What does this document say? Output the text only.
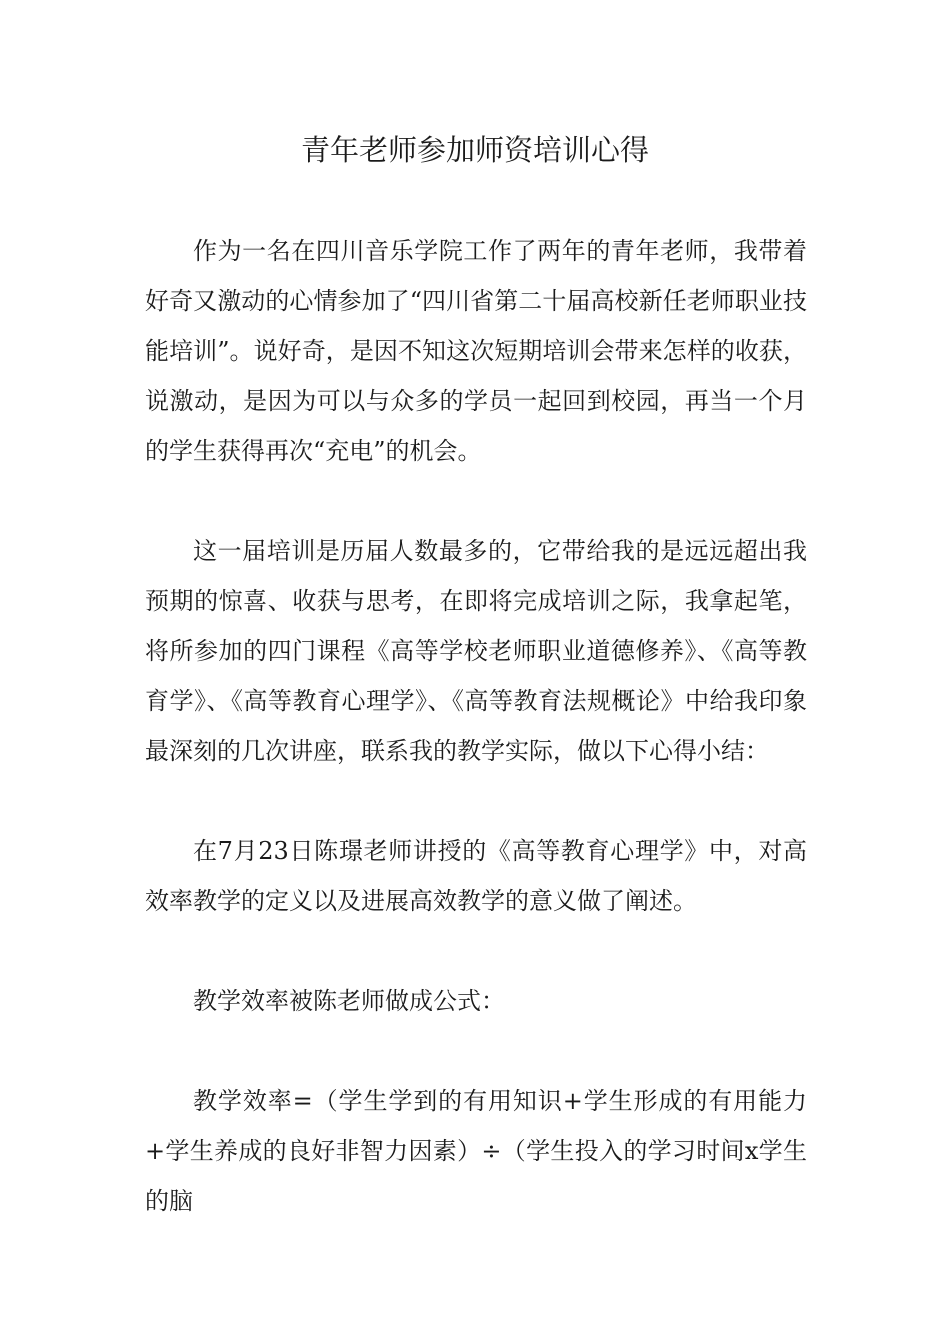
青年老师参加师资培训心得

作为一名在四川音乐学院工作了两年的青年老师，我带着好奇又激动的心情参加了“四川省第二十届高校新任老师职业技能培训”。说好奇，是因不知这次短期培训会带来怎样的收获，说激动，是因为可以与众多的学员一起回到校园，再当一个月的学生获得再次“充电”的机会。

这一届培训是历届人数最多的，它带给我的是远远超出我预期的惊喜、收获与思考，在即将完成培训之际，我拿起笔，将所参加的四门课程《高等学校老师职业道德修养》、《高等教育学》、《高等教育心理学》、《高等教育法规概论》中给我印象最深刻的几次讲座，联系我的教学实际，做以下心得小结：

在7月23日陈璟老师讲授的《高等教育心理学》中，对高效率教学的定义以及进展高效教学的意义做了阐述。

教学效率被陈老师做成公式：

教学效率=（学生学到的有用知识+学生形成的有用能力+学生养成的良好非智力因素）÷（学生投入的学习时间x学生的脑
